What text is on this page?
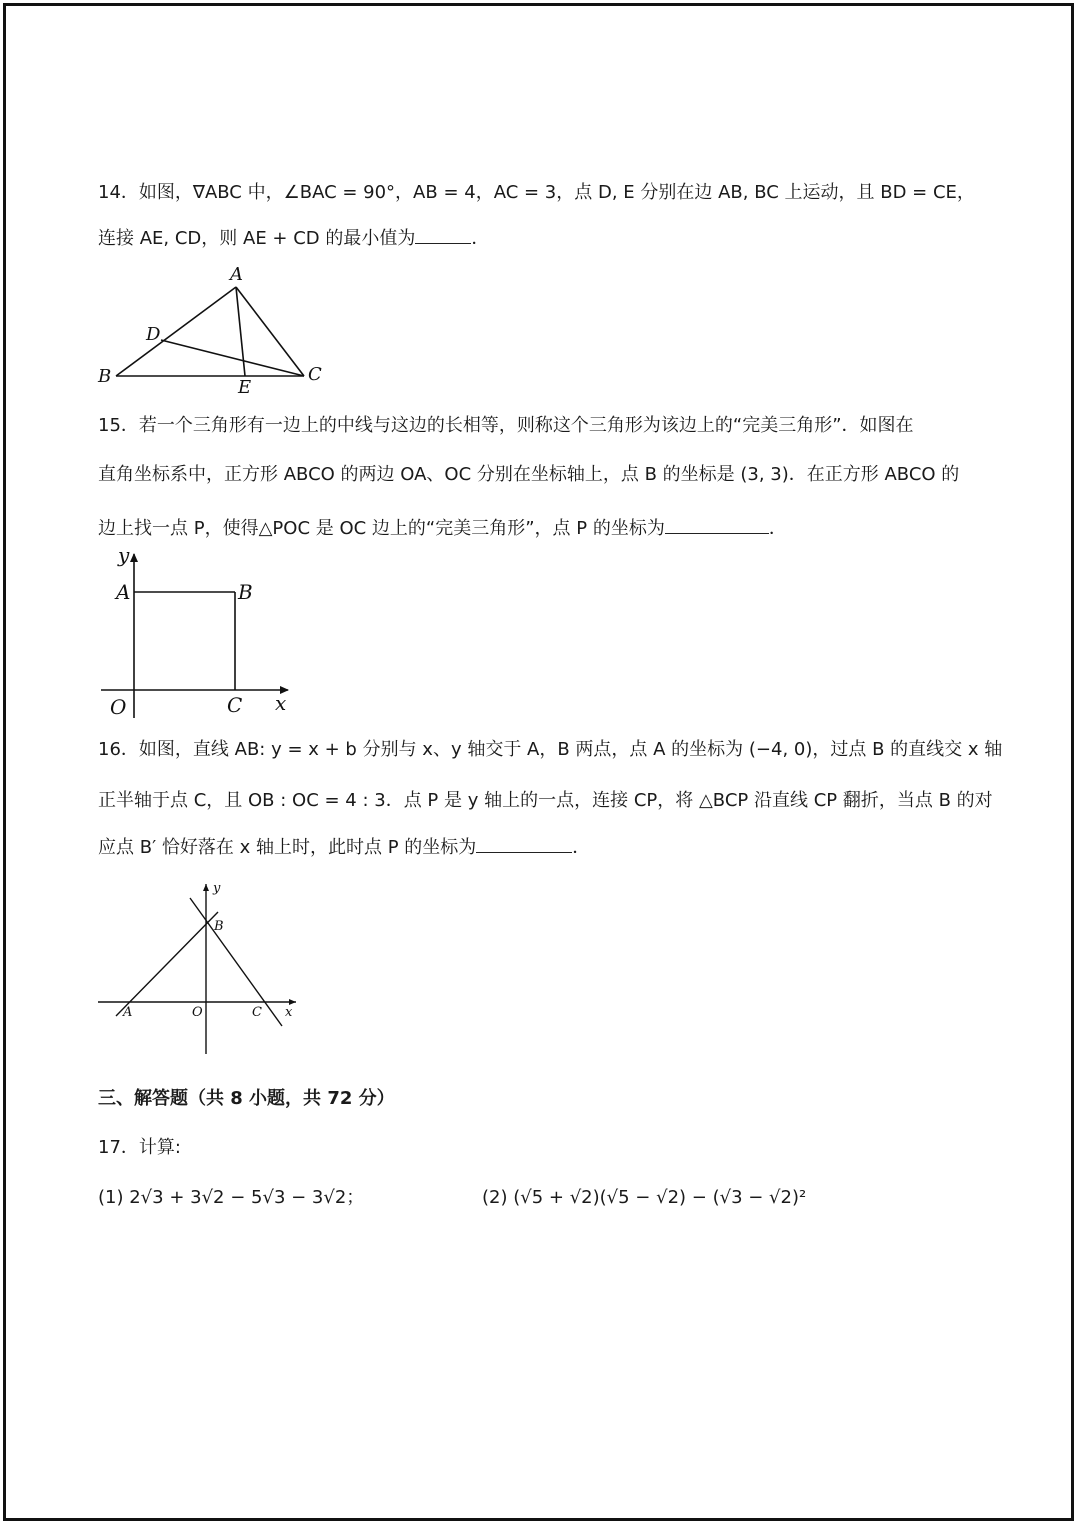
14．如图，∇ABC 中，∠BAC = 90°，AB = 4，AC = 3，点 D, E 分别在边 AB, BC 上运动，且 BD = CE，
连接 AE, CD，则 AE + CD 的最小值为	．
A
B	C
D
E
15．若一个三角形有一边上的中线与这边的长相等，则称这个三角形为该边上的“完美三角形”．如图在
直角坐标系中，正方形 ABCO 的两边 OA、OC 分别在坐标轴上，点 B 的坐标是 (3, 3)．在正方形 ABCO 的
边上找一点 P，使得△POC 是 OC 边上的“完美三角形”，点 P 的坐标为	．
y
A	B
O	C x
16．如图，直线 AB: y = x + b 分别与 x、y 轴交于 A，B 两点，点 A 的坐标为 (−4, 0)，过点 B 的直线交 x 轴
正半轴于点 C，且 OB : OC = 4 : 3．点 P 是 y 轴上的一点，连接 CP，将 △BCP 沿直线 CP 翻折，当点 B 的对
应点 B′ 恰好落在 x 轴上时，此时点 P 的坐标为	．
y
B
A	O	C x
三、解答题（共 8 小题，共 72 分）
17．计算:
(1) 2√3 + 3√2 − 5√3 − 3√2；	(2) (√5 + √2)(√5 − √2) − (√3 − √2)²
